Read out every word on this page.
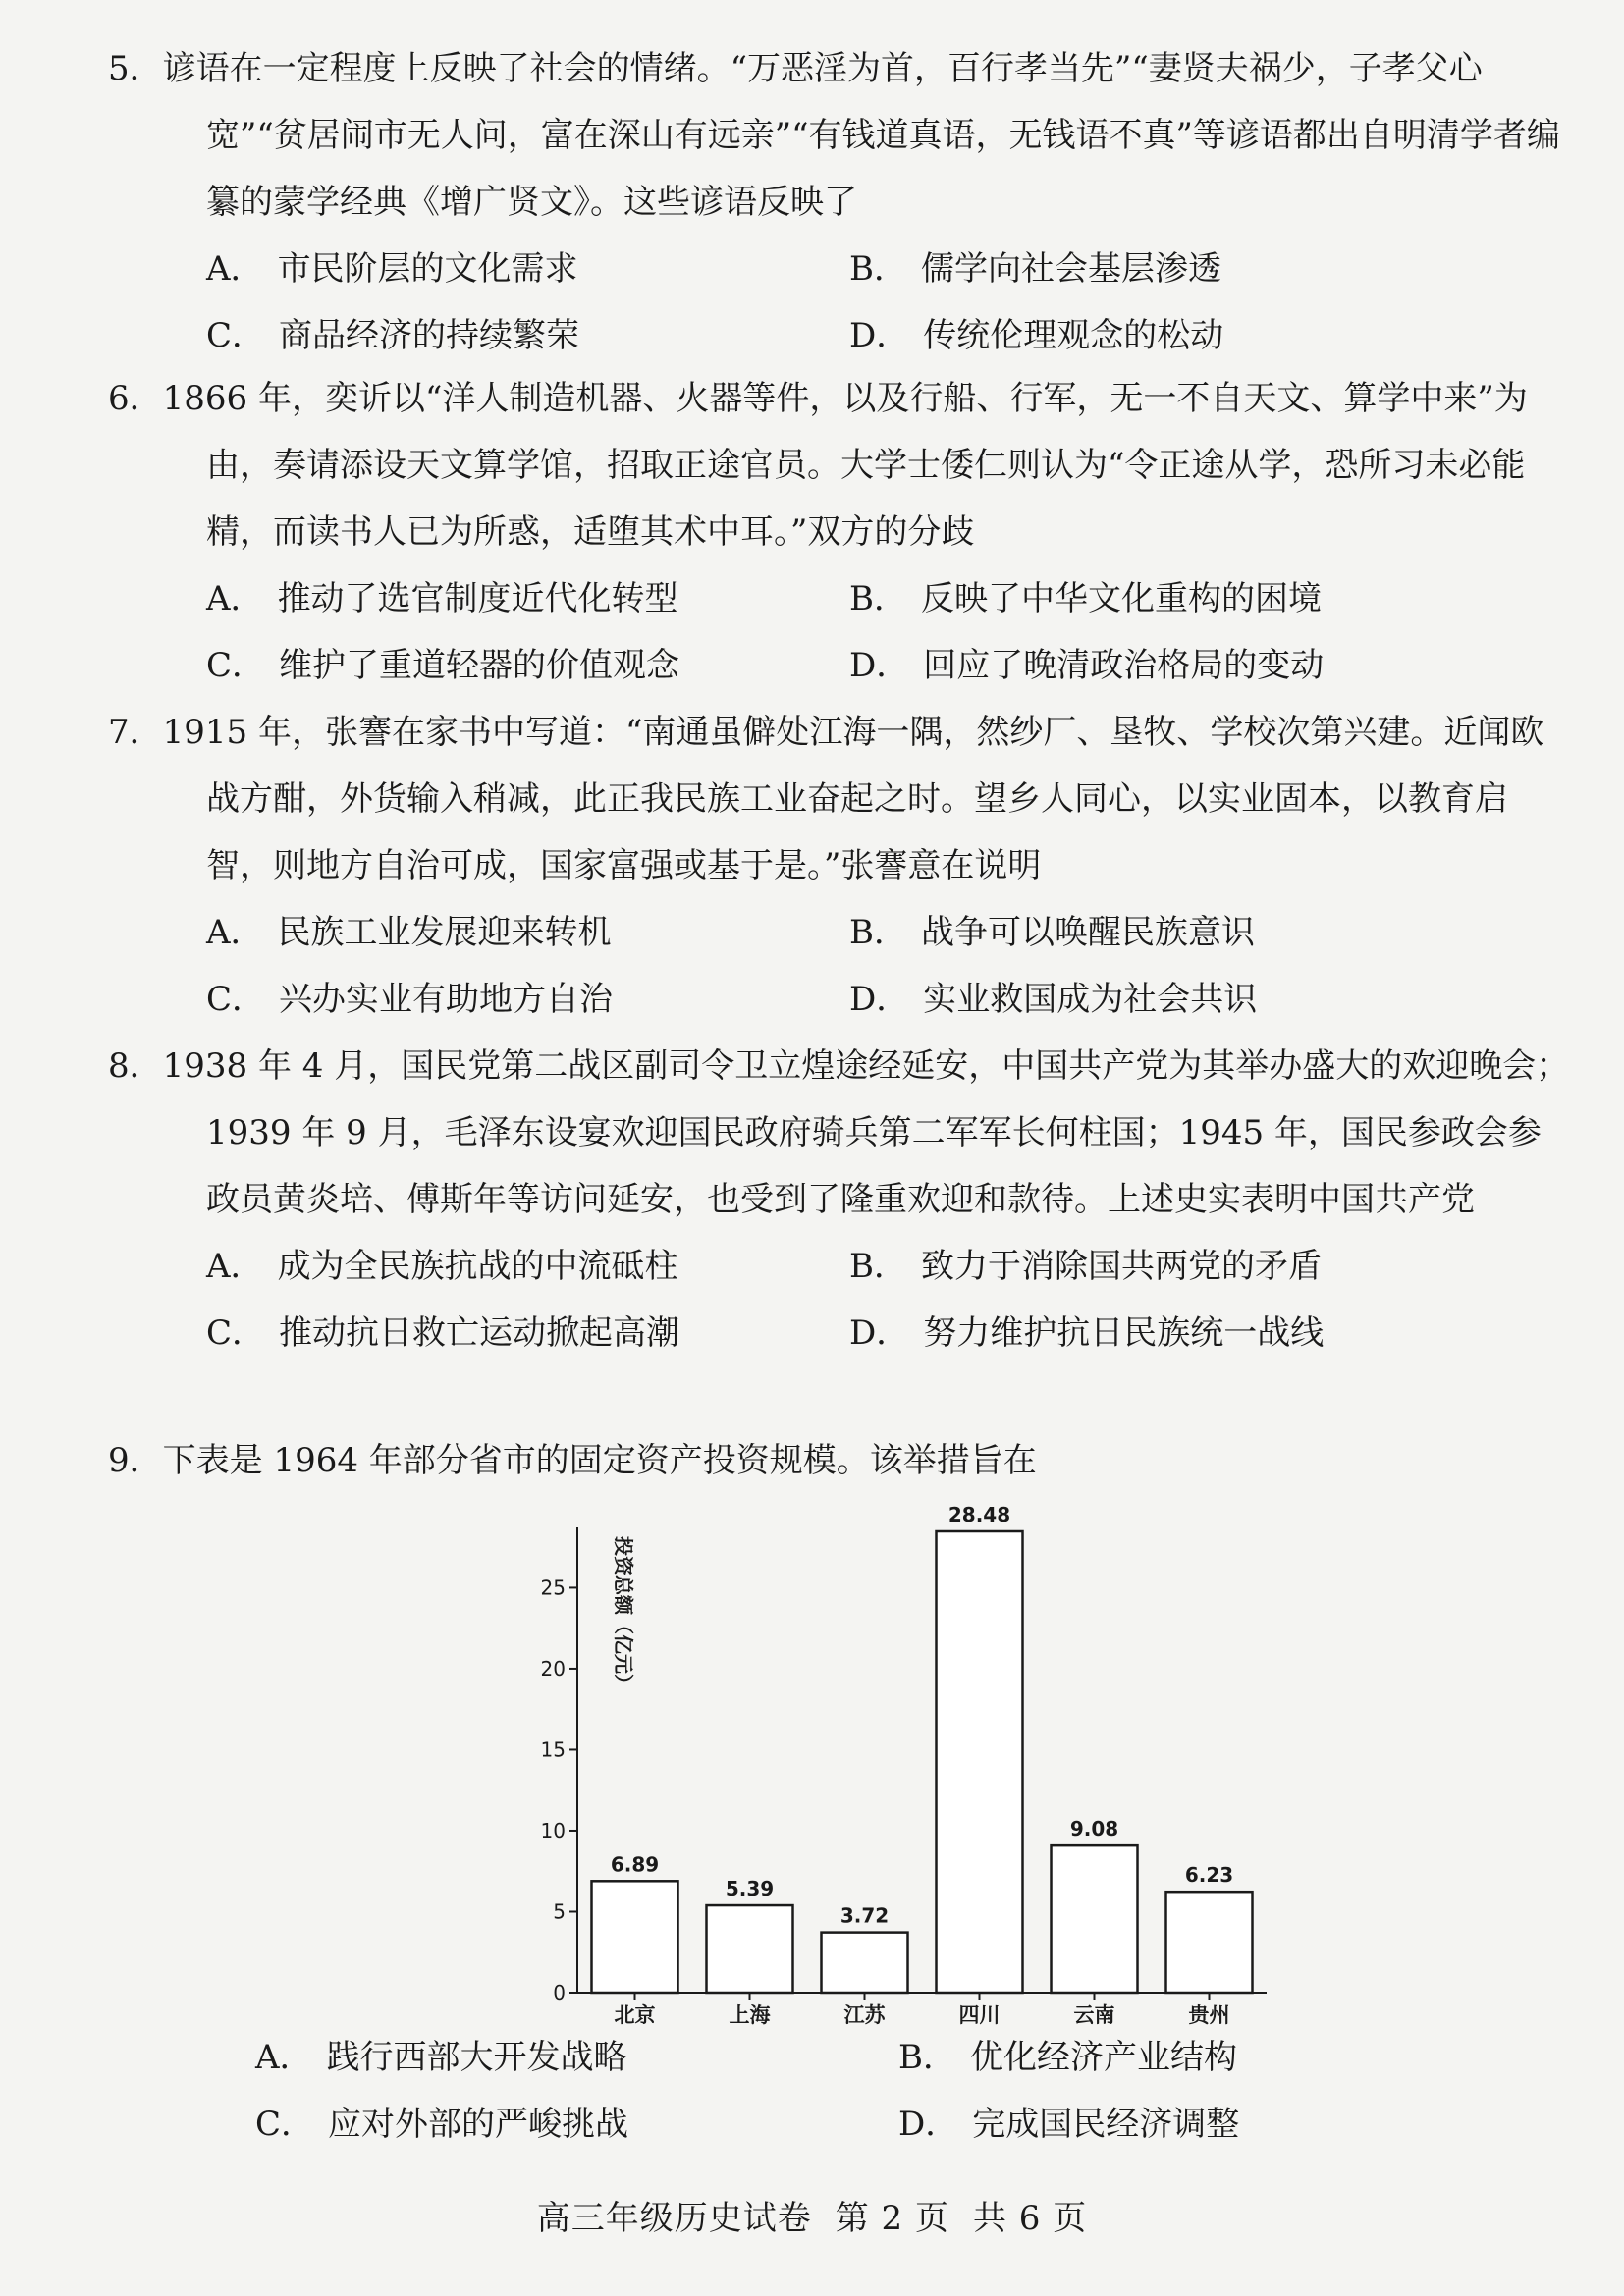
5．谚语在一定程度上反映了社会的情绪。“万恶淫为首，百行孝当先”“妻贤夫祸少，子孝父心宽”“贫居闹市无人问，富在深山有远亲”“有钱道真语，无钱语不真”等谚语都出自明清学者编纂的蒙学经典《增广贤文》。这些谚语反映了

A． 市民阶层的文化需求	B． 儒学向社会基层渗透
C． 商品经济的持续繁荣	D． 传统伦理观念的松动

6．1866 年，奕䜣以“洋人制造机器、火器等件，以及行船、行军，无一不自天文、算学中来”为由，奏请添设天文算学馆，招取正途官员。大学士倭仁则认为“令正途从学，恐所习未必能精，而读书人已为所惑，适堕其术中耳。”双方的分歧

A． 推动了选官制度近代化转型	B． 反映了中华文化重构的困境
C． 维护了重道轻器的价值观念	D． 回应了晚清政治格局的变动

7．1915 年，张謇在家书中写道：“南通虽僻处江海一隅，然纱厂、垦牧、学校次第兴建。近闻欧战方酣，外货输入稍减，此正我民族工业奋起之时。望乡人同心，以实业固本，以教育启智，则地方自治可成，国家富强或基于是。”张謇意在说明

A． 民族工业发展迎来转机	B． 战争可以唤醒民族意识
C． 兴办实业有助地方自治	D． 实业救国成为社会共识

8．1938 年 4 月，国民党第二战区副司令卫立煌途经延安，中国共产党为其举办盛大的欢迎晚会；1939 年 9 月，毛泽东设宴欢迎国民政府骑兵第二军军长何柱国；1945 年，国民参政会参政员黄炎培、傅斯年等访问延安，也受到了隆重欢迎和款待。上述史实表明中国共产党

A． 成为全民族抗战的中流砥柱	B． 致力于消除国共两党的矛盾
C． 推动抗日救亡运动掀起高潮	D． 努力维护抗日民族统一战线

9．下表是 1964 年部分省市的固定资产投资规模。该举措旨在

0
5
10
15
20
25 投资总额（亿元）
6.89
北京
5.39
上海
3.72
江苏
28.48
四川
9.08
云南
6.23
贵州
A． 践行西部大开发战略	B． 优化经济产业结构
C． 应对外部的严峻挑战	D． 完成国民经济调整
高三年级历史试卷 第 2 页 共 6 页
